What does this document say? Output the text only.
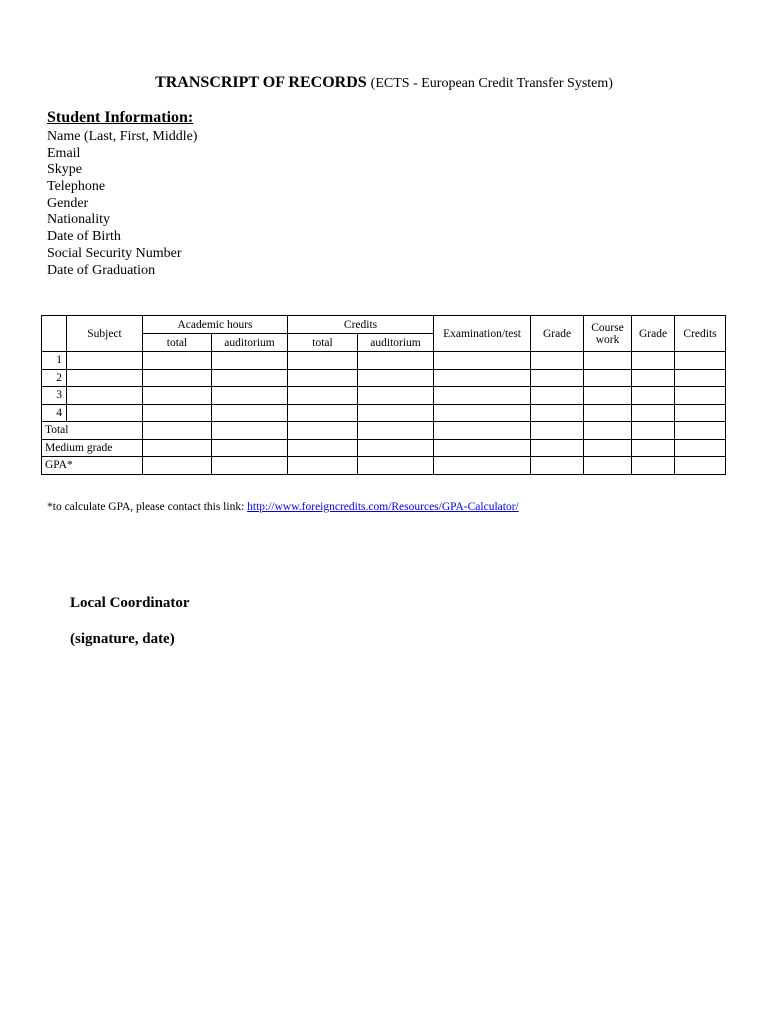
TRANSCRIPT OF RECORDS (ECTS - European Credit Transfer System)
Student Information:
Name (Last, First, Middle)
Email
Skype
Telephone
Gender
Nationality
Date of Birth
Social Security Number
Date of Graduation
	Subject	Academic hours		Credits		Examination/test	Grade	Course work	Grade	Credits
		total	auditorium	total	auditorium					
1										
2										
3										
4										
Total										
Medium grade										
GPA*										
*to calculate GPA, please contact this link: http://www.foreigncredits.com/Resources/GPA-Calculator/
Local Coordinator
(signature, date)
